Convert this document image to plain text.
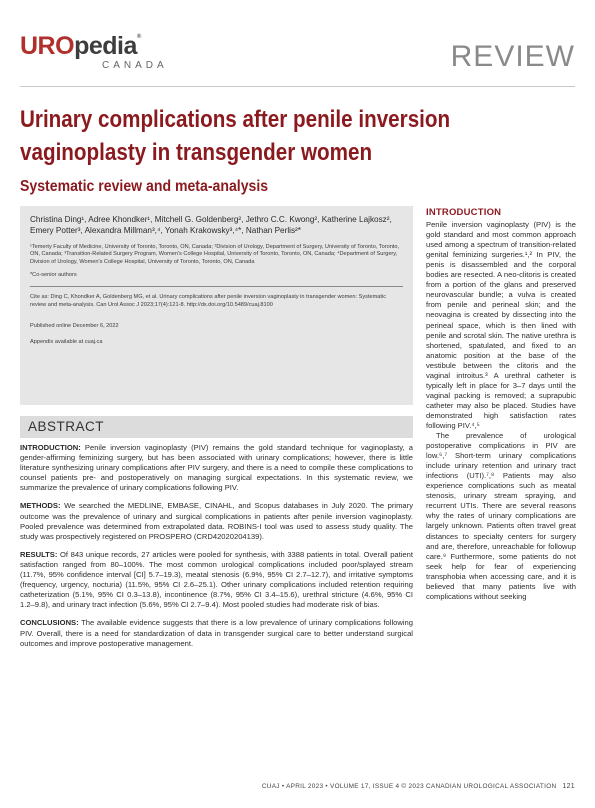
UROpedia®
CANADA	REVIEW
Urinary complications after penile inversion vaginoplasty in transgender women
Systematic review and meta-analysis
Christina Ding¹, Adree Khondker¹, Mitchell G. Goldenberg², Jethro C.C. Kwong², Katherine Lajkosz², Emery Potter³, Alexandra Millman³,⁴, Yonah Krakowsky³,⁴*, Nathan Perlis²*
¹Temerty Faculty of Medicine, University of Toronto, Toronto, ON, Canada; ²Division of Urology, Department of Surgery, University of Toronto, Toronto, ON, Canada; ³Transition-Related Surgery Program, Women's College Hospital, University of Toronto, Toronto, ON, Canada; ⁴Department of Surgery, Division of Urology, Women's College Hospital, University of Toronto, Toronto, ON, Canada
*Co-senior authors
Cite as: Ding C, Khondker A, Goldenberg MG, et al. Urinary complications after penile inversion vaginoplasty in transgender women: Systematic review and meta-analysis. Can Urol Assoc J 2023;17(4):121-8. http://dx.doi.org/10.5489/cuaj.8100
Published online December 6, 2022
Appendix available at cuaj.ca
ABSTRACT

INTRODUCTION: Penile inversion vaginoplasty (PIV) remains the gold standard technique for vaginoplasty, a gender-affirming feminizing surgery, but has been associated with urinary complications; however, there is little literature synthesizing urinary complications after PIV surgery, and there is a need to compile these complications to counsel patients pre- and postoperatively on managing surgical expectations. In this systematic review, we summarize the prevalence of urinary complications following PIV.

METHODS: We searched the MEDLINE, EMBASE, CINAHL, and Scopus databases in July 2020. The primary outcome was the prevalence of urinary and surgical complications in patients after penile inversion vaginoplasty. Pooled prevalence was determined from extrapolated data. ROBINS-I tool was used to assess study quality. The study was prospectively registered on PROSPERO (CRD42020204139).

RESULTS: Of 843 unique records, 27 articles were pooled for synthesis, with 3388 patients in total. Overall patient satisfaction ranged from 80–100%. The most common urological complications included poor/splayed stream (11.7%, 95% confidence interval [CI] 5.7–19.3), meatal stenosis (6.9%, 95% CI 2.7–12.7), and irritative symptoms (frequency, urgency, nocturia) (11.5%, 95% CI 2.6–25.1). Other urinary complications included retention requiring catheterization (5.1%, 95% CI 0.3–13.8), incontinence (8.7%, 95% CI 3.4–15.6), urethral stricture (4.6%, 95% CI 1.2–9.8), and urinary tract infection (5.6%, 95% CI 2.7–9.4). Most pooled studies had moderate risk of bias.

CONCLUSIONS: The available evidence suggests that there is a low prevalence of urinary complications following PIV. Overall, there is a need for standardization of data in transgender surgical care to better understand surgical outcomes and improve postoperative management.

INTRODUCTION

Penile inversion vaginoplasty (PIV) is the gold standard and most common approach used among a spectrum of transition-related genital feminizing surgeries.¹,² In PIV, the penis is disassembled and the corporal bodies are resected. A neo-clitoris is created from a portion of the glans and preserved neurovascular bundle; a vulva is created from penile and perineal skin; and the neovagina is created by dissecting into the perineal space, which is then lined with penile and scrotal skin. The native urethra is shortened, spatulated, and fixed to an anatomic position at the base of the vestibule between the clitoris and the vaginal introitus.³ A urethral catheter is typically left in place for 3–7 days until the vaginal packing is removed; a suprapubic catheter may also be placed. Studies have demonstrated high satisfaction rates following PIV.⁴,⁵

The prevalence of urological postoperative complications in PIV are low.⁶,⁷ Short-term urinary complications include urinary retention and urinary tract infections (UTI).⁷,⁸ Patients may also experience complications such as meatal stenosis, urinary stream spraying, and recurrent UTIs. There are several reasons why the rates of urinary complications are largely unknown. Patients often travel great distances to specialty centers for surgery and are, therefore, unreachable for followup care.⁹ Furthermore, some patients do not seek help for fear of experiencing transphobia when accessing care, and it is believed that many patients live with complications without seeking

CUAJ • APRIL 2023 • VOLUME 17, ISSUE 4 © 2023 CANADIAN UROLOGICAL ASSOCIATION 121
